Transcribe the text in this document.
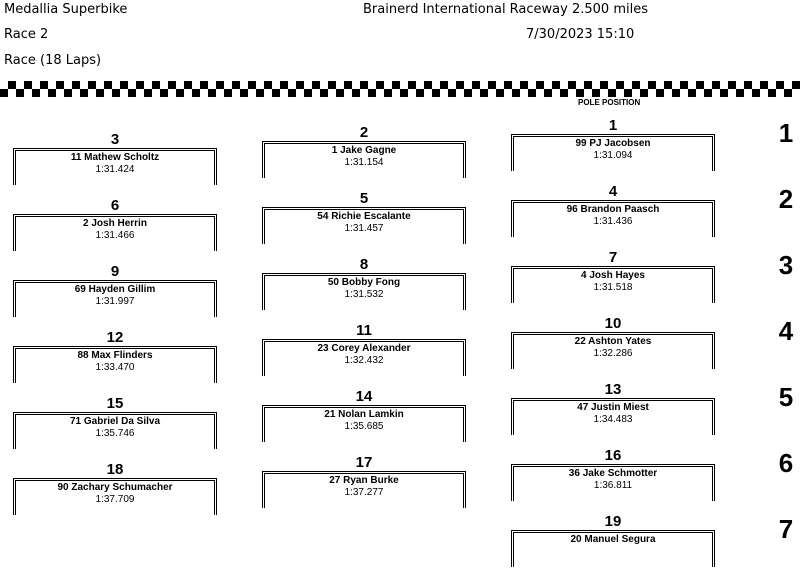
Medallia Superbike	Brainerd International Raceway 2.500 miles
Race 2	7/30/2023 15:10
Race (18 Laps)
POLE POSITION
1
2
3
4
5
6
7
1
99 PJ Jacobsen
1:31.094
4
96 Brandon Paasch
1:31.436
7
4 Josh Hayes
1:31.518
10
22 Ashton Yates
1:32.286
13
47 Justin Miest
1:34.483
16
36 Jake Schmotter
1:36.811
19
20 Manuel Segura
2
1 Jake Gagne
1:31.154
5
54 Richie Escalante
1:31.457
8
50 Bobby Fong
1:31.532
11
23 Corey Alexander
1:32.432
14
21 Nolan Lamkin
1:35.685
17
27 Ryan Burke
1:37.277
3
11 Mathew Scholtz
1:31.424
6
2 Josh Herrin
1:31.466
9
69 Hayden Gillim
1:31.997
12
88 Max Flinders
1:33.470
15
71 Gabriel Da Silva
1:35.746
18
90 Zachary Schumacher
1:37.709
